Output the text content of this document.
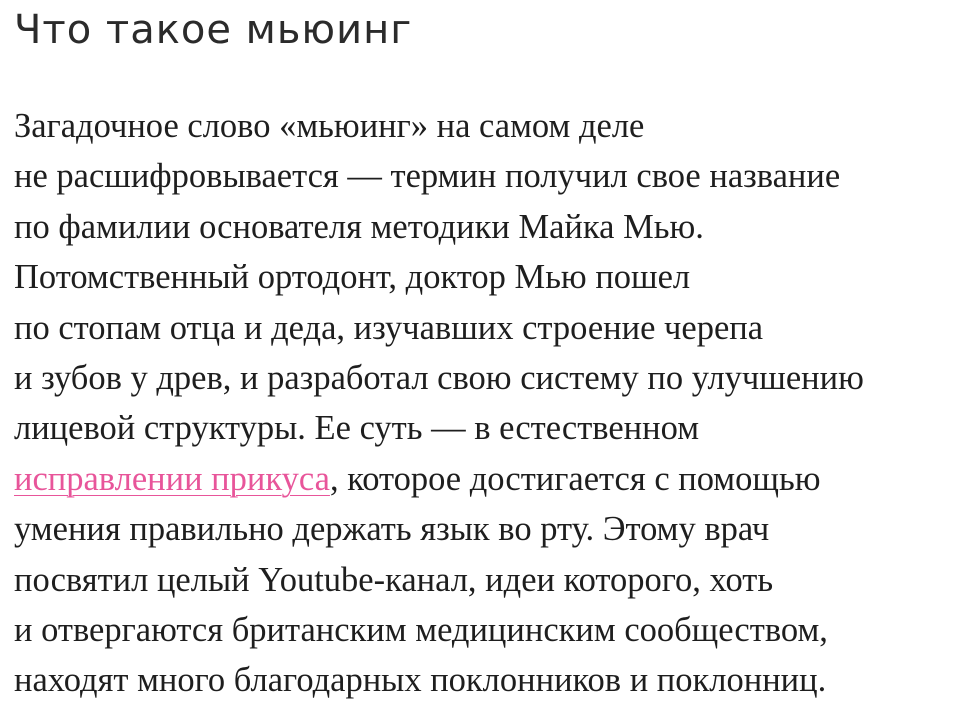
Что такое мьюинг

Загадочное слово «мьюинг» на самом деле
не расшифровывается — термин получил свое название
по фамилии основателя методики Майка Мью.
Потомственный ортодонт, доктор Мью пошел
по стопам отца и деда, изучавших строение черепа
и зубов у древ, и разработал свою систему по улучшению
лицевой структуры. Ее суть — в естественном
исправлении прикуса, которое достигается с помощью
умения правильно держать язык во рту. Этому врач
посвятил целый Youtube-канал, идеи которого, хоть
и отвергаются британским медицинским сообществом,
находят много благодарных поклонников и поклонниц.
